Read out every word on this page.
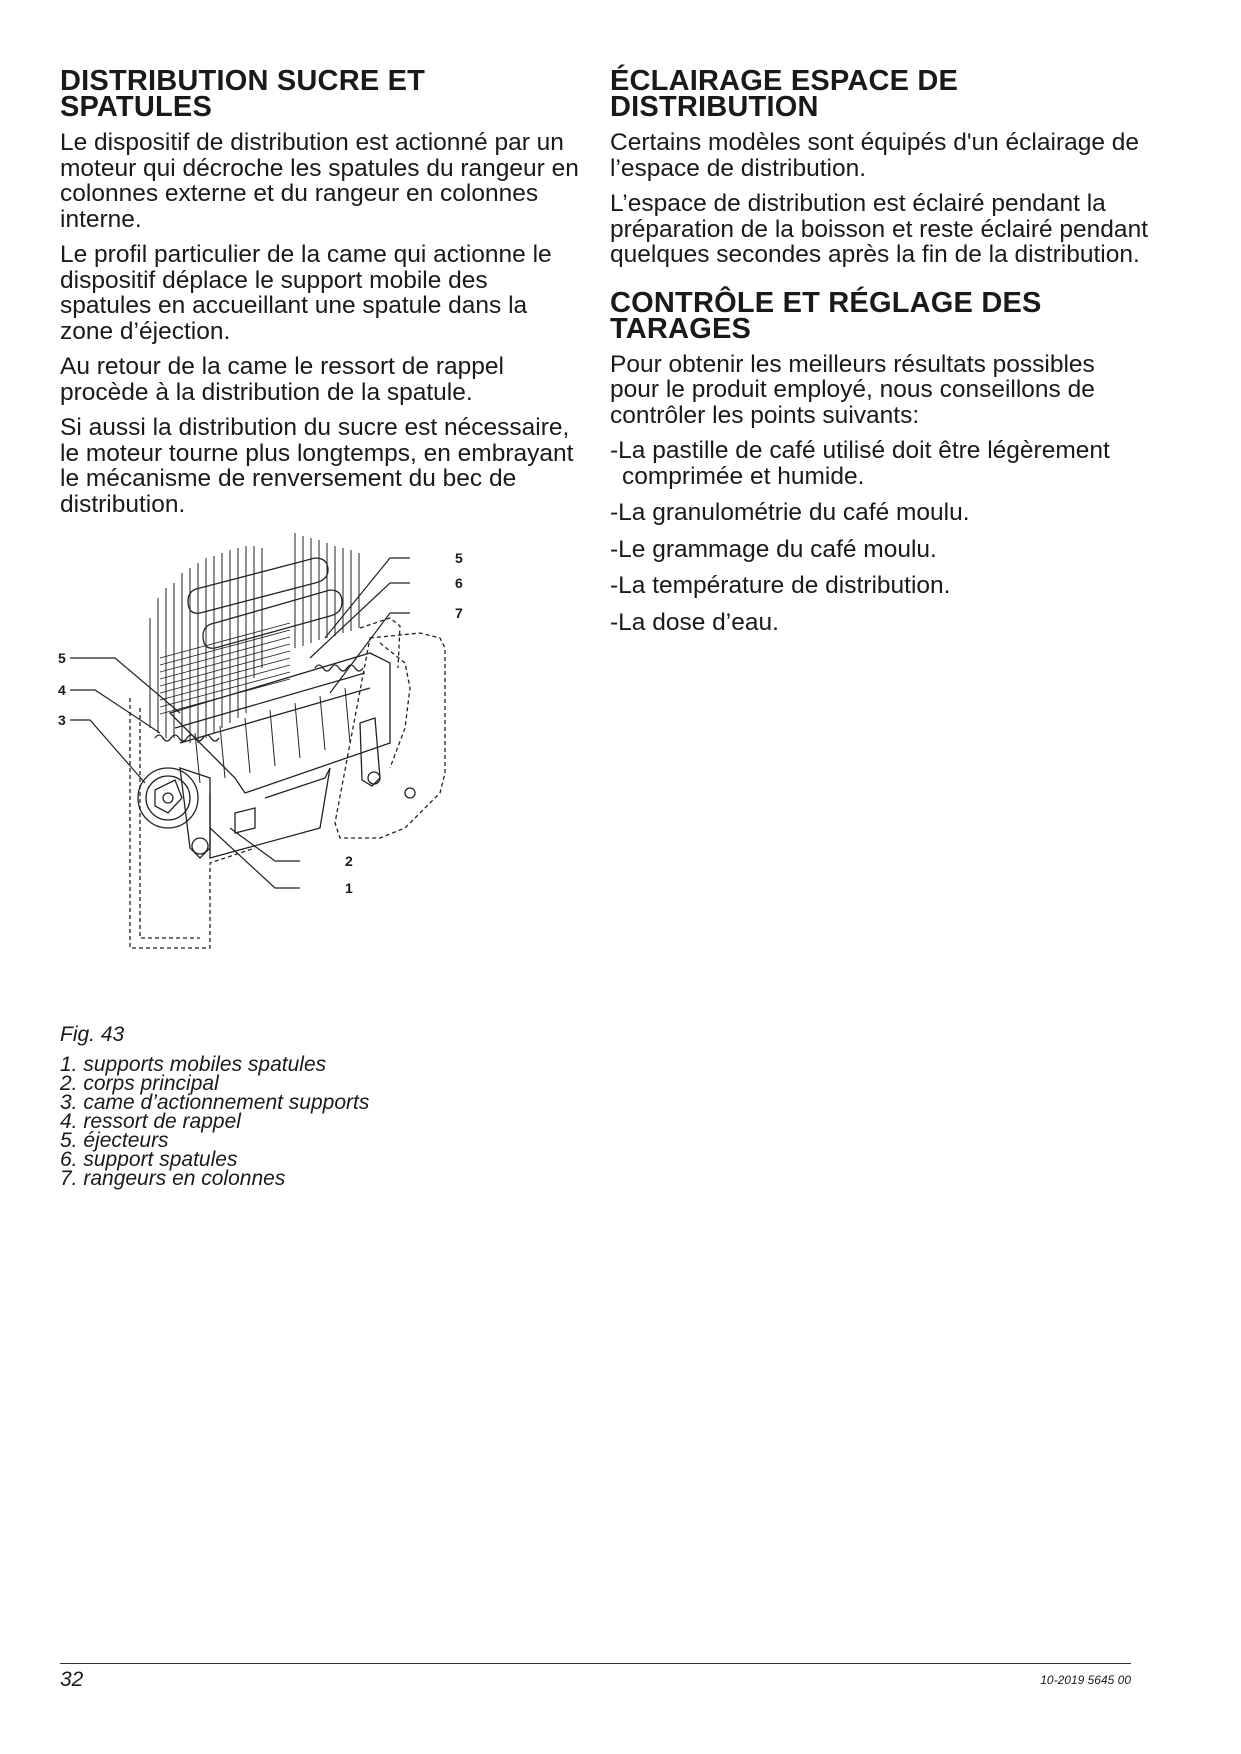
DISTRIBUTION SUCRE ET SPATULES

Le dispositif de distribution est actionné par un moteur qui décroche les spatules du rangeur en colonnes externe et du rangeur en colonnes interne.

Le profil particulier de la came qui actionne le dispositif déplace le support mobile des spatules en accueillant une spatule dans la zone d’éjection.

Au retour de la came le ressort de rappel procède à la distribution de la spatule.

Si aussi la distribution du sucre est nécessaire, le moteur tourne plus longtemps, en embrayant le mécanisme de renversement du bec de distribution.

5
6
7
5
4
3
2
1
Fig. 43
1. supports mobiles spatules
2. corps principal
3. came d’actionnement supports
4. ressort de rappel
5. éjecteurs
6. support spatules
7. rangeurs en colonnes
ÉCLAIRAGE ESPACE DE DISTRIBUTION

Certains modèles sont équipés d'un éclairage de l’espace de distribution.

L’espace de distribution est éclairé pendant la préparation de la boisson et reste éclairé pendant quelques secondes après la fin de la distribution.

CONTRÔLE ET RÉGLAGE DES TARAGES

Pour obtenir les meilleurs résultats possibles pour le produit employé, nous conseillons de contrôler les points suivants:

-La pastille de café utilisé doit être légèrement comprimée et humide.
-La granulométrie du café moulu.
-Le grammage du café moulu.
-La température de distribution.
-La dose d’eau.
32	10-2019 5645 00
